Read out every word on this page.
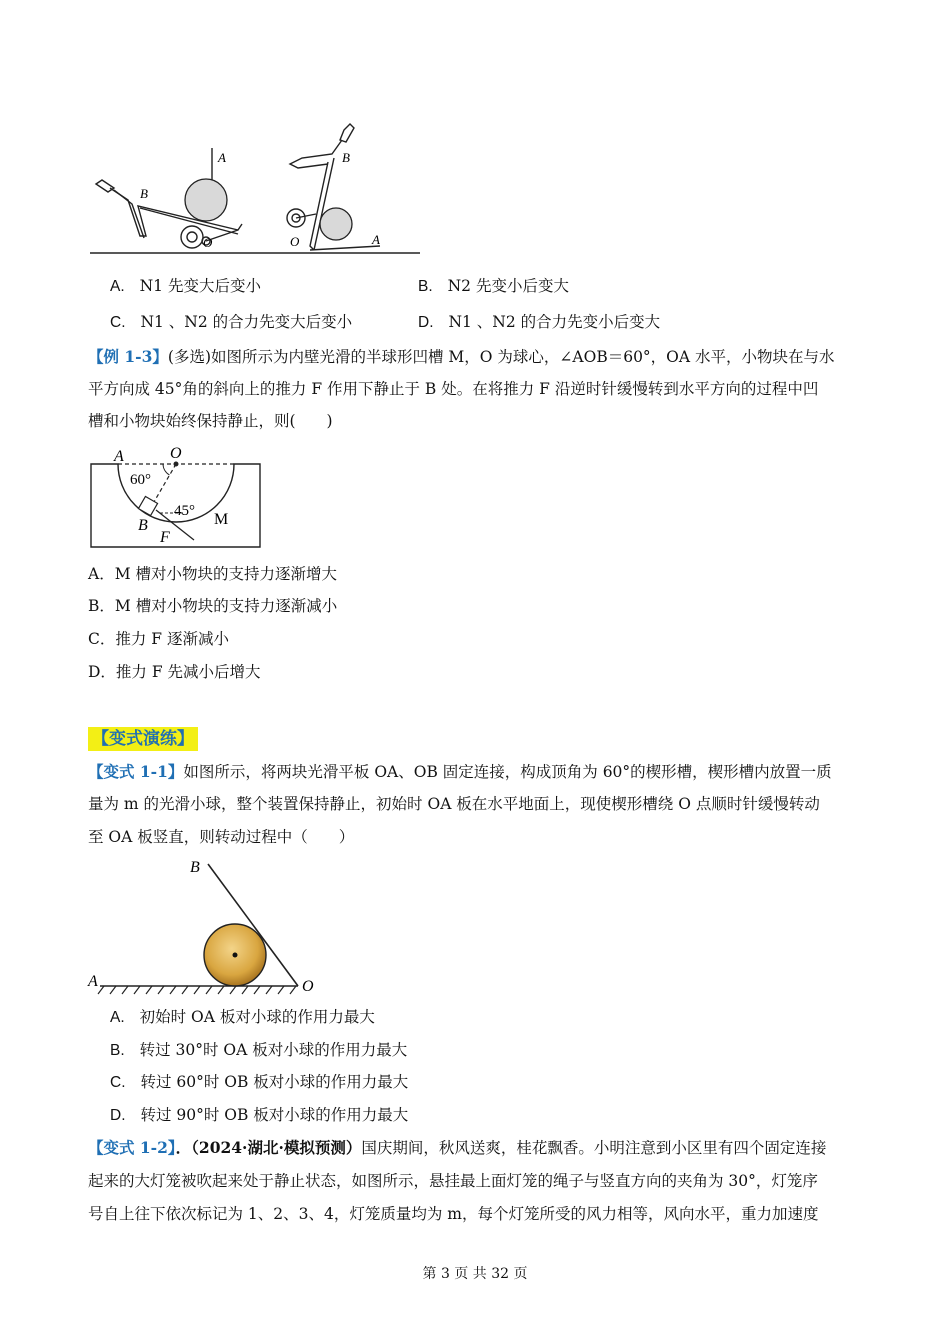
A
B
O	A
B
O
A. N1 先变大后变小	B. N2 先变小后变大
C. N1 、N2 的合力先变大后变小	D. N1 、N2 的合力先变小后变大
【例 1-3】(多选)如图所示为内壁光滑的半球形凹槽 M，O 为球心，∠AOB＝60°，OA 水平，小物块在与水
平方向成 45°角的斜向上的推力 F 作用下静止于 B 处。在将推力 F 沿逆时针缓慢转到水平方向的过程中凹
槽和小物块始终保持静止，则(　　)
A	O
60°
45° M
B
F
A．M 槽对小物块的支持力逐渐增大
B．M 槽对小物块的支持力逐渐减小
C．推力 F 逐渐减小
D．推力 F 先减小后增大
【变式演练】
【变式 1-1】如图所示，将两块光滑平板 OA、OB 固定连接，构成顶角为 60°的楔形槽，楔形槽内放置一质
量为 m 的光滑小球，整个装置保持静止，初始时 OA 板在水平地面上，现使楔形槽绕 O 点顺时针缓慢转动
至 OA 板竖直，则转动过程中（　　）
B
A	O
A. 初始时 OA 板对小球的作用力最大
B. 转过 30°时 OA 板对小球的作用力最大
C. 转过 60°时 OB 板对小球的作用力最大
D. 转过 90°时 OB 板对小球的作用力最大
【变式 1-2】．（2024·湖北·模拟预测）国庆期间，秋风送爽，桂花飘香。小明注意到小区里有四个固定连接
起来的大灯笼被吹起来处于静止状态，如图所示，悬挂最上面灯笼的绳子与竖直方向的夹角为 30°，灯笼序
号自上往下依次标记为 1、2、3、4，灯笼质量均为 m，每个灯笼所受的风力相等，风向水平，重力加速度
第 3 页 共 32 页
